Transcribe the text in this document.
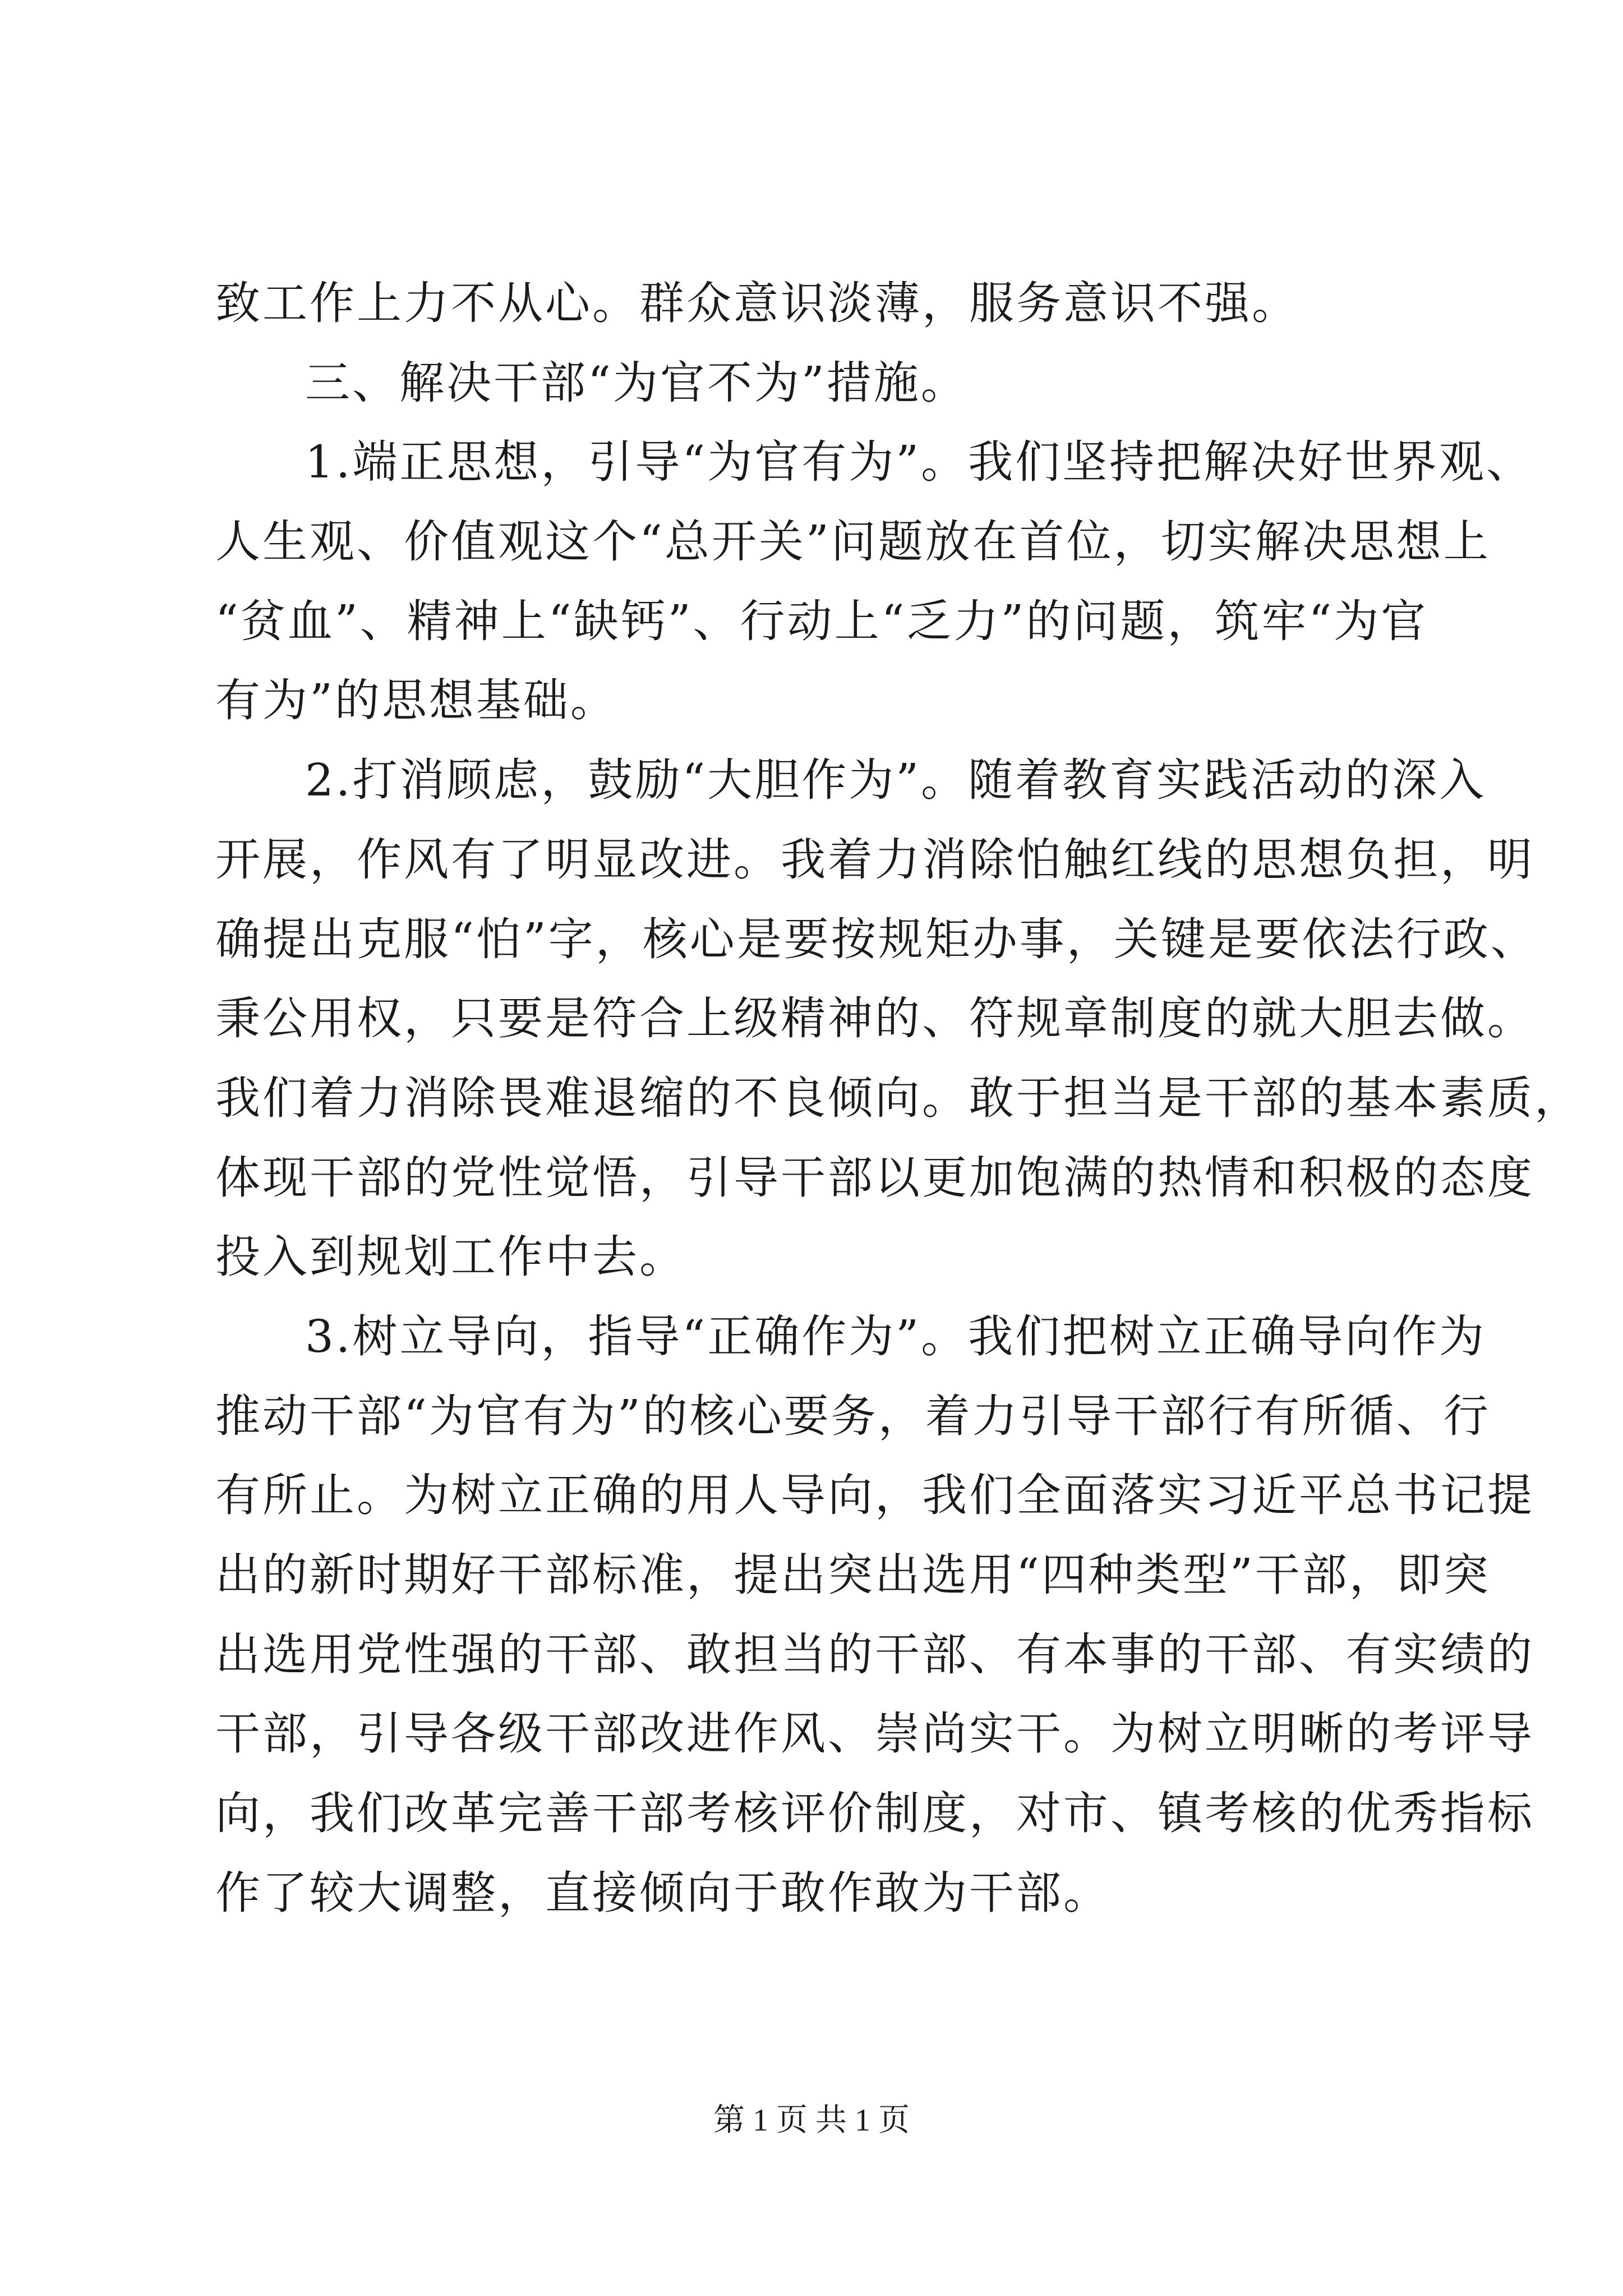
致工作上力不从心。群众意识淡薄，服务意识不强。
三、解决干部“为官不为”措施。
1.端正思想，引导“为官有为”。我们坚持把解决好世界观、
人生观、价值观这个“总开关”问题放在首位，切实解决思想上
“贫血”、精神上“缺钙”、行动上“乏力”的问题，筑牢“为官
有为”的思想基础。
2.打消顾虑，鼓励“大胆作为”。随着教育实践活动的深入
开展，作风有了明显改进。我着力消除怕触红线的思想负担，明
确提出克服“怕”字，核心是要按规矩办事，关键是要依法行政、
秉公用权，只要是符合上级精神的、符规章制度的就大胆去做。
我们着力消除畏难退缩的不良倾向。敢于担当是干部的基本素质，
体现干部的党性觉悟，引导干部以更加饱满的热情和积极的态度
投入到规划工作中去。
3.树立导向，指导“正确作为”。我们把树立正确导向作为
推动干部“为官有为”的核心要务，着力引导干部行有所循、行
有所止。为树立正确的用人导向，我们全面落实习近平总书记提
出的新时期好干部标准，提出突出选用“四种类型”干部，即突
出选用党性强的干部、敢担当的干部、有本事的干部、有实绩的
干部，引导各级干部改进作风、崇尚实干。为树立明晰的考评导
向，我们改革完善干部考核评价制度，对市、镇考核的优秀指标
作了较大调整，直接倾向于敢作敢为干部。
第 1 页 共 1 页
